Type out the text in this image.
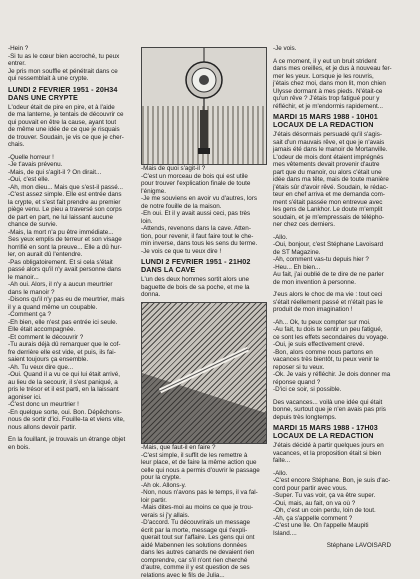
-Hein ?
-Si tu as le cœur bien accroché, tu peux
entrer.
Je pris mon souffle et pénétrait dans ce
qui ressemblait à une crypte.

LUNDI 2 FEVRIER 1951 - 20H34
DANS UNE CRYPTE

L'odeur était de pire en pire, et à l'aide
de ma lanterne, je tentais de découvrir ce
qui pouvait en être la cause, ayant tout
de même une idée de ce que je risquais
de trouver. Soudain, je vis ce que je cher-
chais.

-Quelle horreur !
-Je t'avais prévenu.
-Mais, de qui s'agit-il ? On dirait...
-Oui, c'est elle.
-Ah, mon dieu... Mais que s'est-il passé...
-C'est assez simple. Elle est entrée dans
la crypte, et s'est fait prendre au premier
piège venu. Le pieu a traversé son corps
de part en part, ne lui laissant aucune
chance de survie.
-Mais, la mort n'a pu être immédiate...
Ses yeux emplis de terreur et son visage
horrifié en sont la preuve... Elle a dû hur-
ler, on aurait dû l'entendre.
-Pas obligatoirement. Et si cela s'était
passé alors qu'il n'y avait personne dans
le manoir...
-Ah oui. Alors, il n'y a aucun meurtrier
dans le manoir ?
-Disons qu'il n'y pas eu de meurtrier, mais
il y a quand même un coupable.
-Comment ça ?
-Eh bien, elle n'est pas entrée ici seule.
Elle était accompagnée.
-Et comment le découvrir ?
-Tu aurais déjà dû remarquer que le cof-
fre derrière elle est vide, et puis, ils fai-
saient toujours ça ensemble.
-Ah. Tu veux dire que...
-Oui. Quand il a vu ce qui lui était arrivé,
au lieu de la secourir, il s'est paniqué, a
pris le trésor et il est parti, en la laissant
agoniser ici.
-C'est donc un meurtrier !
-En quelque sorte, oui. Bon. Dépêchons-
nous de sortir d'ici. Fouille-ta et viens vite,
nous allons devoir partir.

En la fouillant, je trouvais un étrange objet
en bois.

-Mais de quoi s'agit-il ?
-C'est un morceau de bois qui est utile
pour trouver l'explication finale de toute
l'énigme.
-Je me souviens en avoir vu d'autres, lors
de notre fouille de la maison.
-Eh oui. Et il y avait aussi ceci, pas très
loin.
-Attends, revenons dans la cave. Atten-
tion, pour revenir, il faut faire tout le che-
min inverse, dans tous les sens du terme.
-Je vois ce que tu veux dire !

LUNDI 2 FEVRIER 1951 - 21H02
DANS LA CAVE

L'un des deux hommes sortit alors une
baguette de bois de sa poche, et me la
donna.

-Mais, que faut-il en faire ?
-C'est simple, il suffit de les remettre à
leur place, et de faire la même action que
celle qui nous a permis d'ouvrir le passage
pour la crypte.
-Ah ok. Allons-y.
-Non, nous n'avons pas le temps, il va fal-
loir partir.
-Mais dites-moi au moins ce que je trou-
verais si j'y allais.
-D'accord. Tu découvrirais un message
écrit par la morte, message qui t'expli-
querait tout sur l'affaire. Les gens qui ont
aidé Mabennen les solutions données
dans les autres canards ne devaient rien
comprendre, car s'il n'ont rien cherché
d'autre, comme il y est question de ses
relations avec le fils de Julia...

-Je vois.

A ce moment, il y eut un bruit strident
dans mes oreilles, et je dus à nouveau fer-
mer les yeux. Lorsque je les rouvris,
j'étais chez moi, dans mon lit, mon chien
Ulysse dormant à mes pieds. N'était-ce
qu'un rêve ? J'étais trop fatigué pour y
réfléchir, et je m'endormis rapidement...

MARDI 15 MARS 1988 - 10H01
LOCAUX DE LA REDACTION

J'étais désormais persuadé qu'il s'agis-
sait d'un mauvais rêve, et que je n'avais
jamais été dans le manoir de Mortanville.
L'odeur de mois dont étaient imprégnés
mes vêtements devait provenir d'autre
part que du manoir, ou alors c'était une
idée dans ma tête, mais de toute manière
j'étais sûr d'avoir rêvé. Soudain, le rédac-
teur en chef arriva et me demanda com-
ment s'était passée mon entrevue avec
les gens de Lankhor. Le doute m'emplit
soudain, et je m'empressais de télépho-
ner chez ces derniers.

-Allo.
-Oui, bonjour, c'est Stéphane Lavoisard
de ST Magazine.
-Ah, comment vas-tu depuis hier ?
-Heu... Eh bien...
Au fait, j'ai oublié de te dire de ne parler
de mon invention à personne.

J'eus alors le choc de ma vie : tout ceci
s'était réellement passé et n'était pas le
produit de mon imagination !

-Ah... Ok, tu peux compter sur moi.
-Au fait, tu dois te sentir un peu fatigué,
ce sont les effets secondaires du voyage.
-Oui, je suis effectivement crevé.
-Bon, alors comme nous partons en
vacances très bientôt, tu peux venir te
reposer si tu veux.
-Ok. Je vais y réfléchir. Je dois donner ma
réponse quand ?
-D'ici ce soir, si possible.

Des vacances... voilà une idée qui était
bonne, surtout que je n'en avais pas pris
depuis très longtemps.

MARDI 15 MARS 1988 - 17H03
LOCAUX DE LA REDACTION

J'étais décidé à partir quelques jours en
vacances, et la proposition était si bien
faite...

-Allo.
-C'est encore Stéphane. Bon, je suis d'ac-
cord pour partir avec vous.
-Super. Tu vas voir, ça va être super.
-Oui, mais, au fait, on va où ?
-Oh, c'est un coin perdu, loin de tout.
-Ah, ça s'appelle comment ?
-C'est une île. On l'appelle Maupiti
Island....

Stéphane LAVOISARD
